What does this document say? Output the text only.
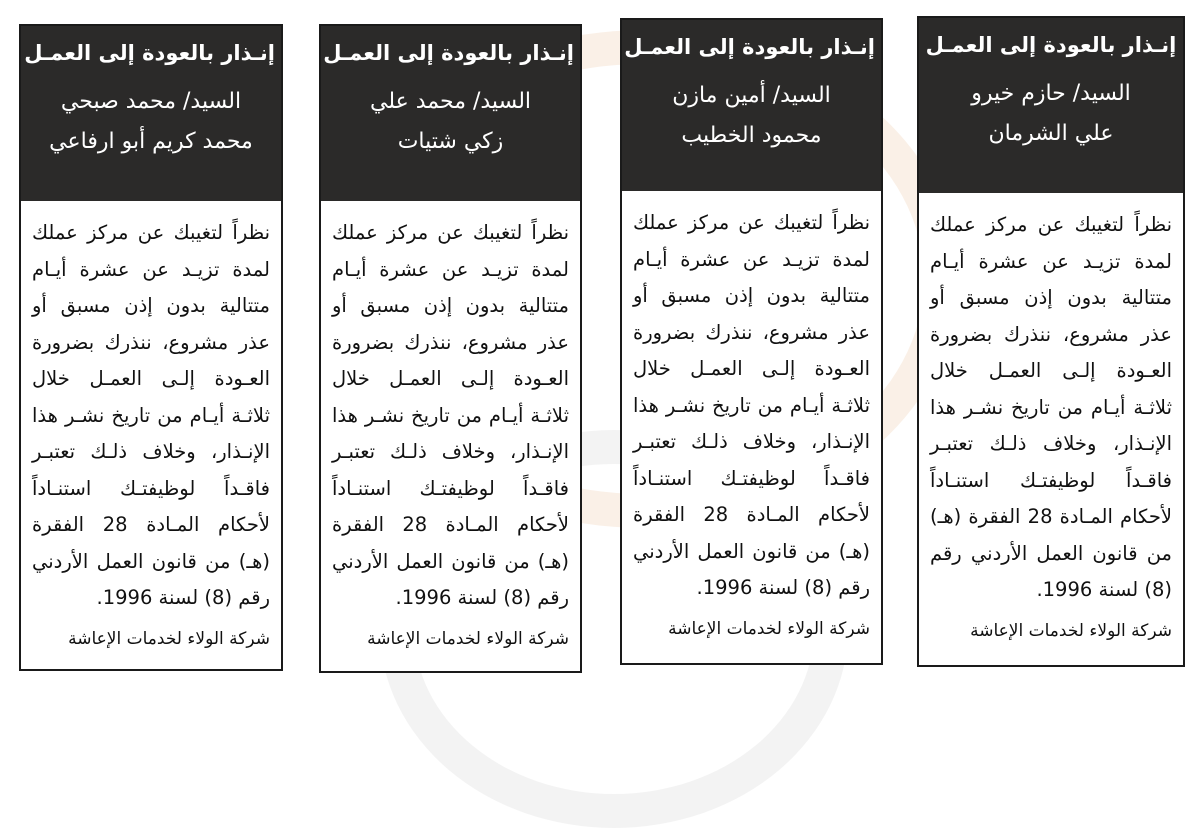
إنـذار بالعودة إلى العمـل
السيد/ حازم خيرو
علي الشرمان
نظراً لتغيبك عن مركز عملك لمدة تزيـد عن عشرة أيـام متتالية بدون إذن مسبق أو عذر مشروع، ننذرك بضرورة العـودة إلـى العمـل خلال ثلاثـة أيـام من تاريخ نشـر هذا الإنـذار، وخلاف ذلـك تعتبـر فاقـداً لوظيفتـك استنـاداً لأحكام المـادة 28 الفقرة (هـ) من قانون العمل الأردني رقم (8) لسنة 1996.
شركة الولاء لخدمات الإعاشة
إنـذار بالعودة إلى العمـل
السيد/ أمين مازن
محمود الخطيب
نظراً لتغيبك عن مركز عملك لمدة تزيـد عن عشرة أيـام متتالية بدون إذن مسبق أو عذر مشروع، ننذرك بضرورة العـودة إلـى العمـل خلال ثلاثـة أيـام من تاريخ نشـر هذا الإنـذار، وخلاف ذلـك تعتبـر فاقـداً لوظيفتـك استنـاداً لأحكام المـادة 28 الفقرة (هـ) من قانون العمل الأردني رقم (8) لسنة 1996.
شركة الولاء لخدمات الإعاشة
إنـذار بالعودة إلى العمـل
السيد/ محمد علي
زكي شتيات
نظراً لتغيبك عن مركز عملك لمدة تزيـد عن عشرة أيـام متتالية بدون إذن مسبق أو عذر مشروع، ننذرك بضرورة العـودة إلـى العمـل خلال ثلاثـة أيـام من تاريخ نشـر هذا الإنـذار، وخلاف ذلـك تعتبـر فاقـداً لوظيفتـك استنـاداً لأحكام المـادة 28 الفقرة (هـ) من قانون العمل الأردني رقم (8) لسنة 1996.
شركة الولاء لخدمات الإعاشة
إنـذار بالعودة إلى العمـل
السيد/ محمد صبحي
محمد كريم أبو ارفاعي
نظراً لتغيبك عن مركز عملك لمدة تزيـد عن عشرة أيـام متتالية بدون إذن مسبق أو عذر مشروع، ننذرك بضرورة العـودة إلـى العمـل خلال ثلاثـة أيـام من تاريخ نشـر هذا الإنـذار، وخلاف ذلـك تعتبـر فاقـداً لوظيفتـك استنـاداً لأحكام المـادة 28 الفقرة (هـ) من قانون العمل الأردني رقم (8) لسنة 1996.
شركة الولاء لخدمات الإعاشة
